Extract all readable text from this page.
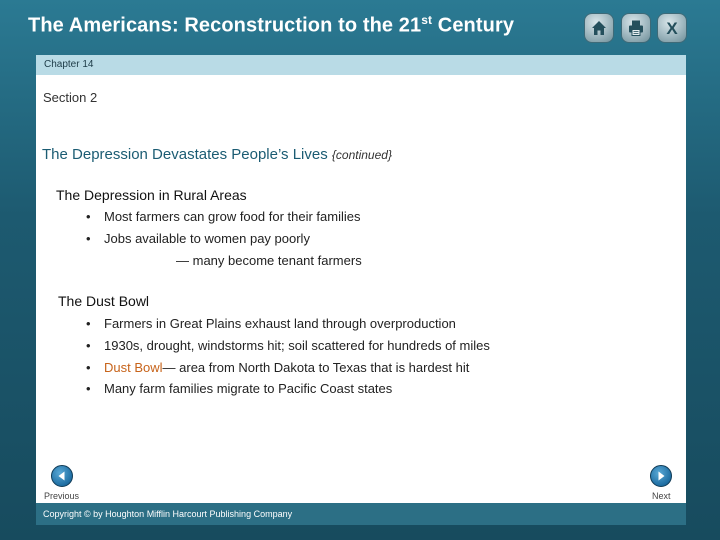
The Americans: Reconstruction to the 21st Century	X
Chapter 14
Section 2
The Depression Devastates People’s Lives {continued}
The Depression in Rural Areas
• Most farmers can grow food for their families
• Jobs available to women pay poorly
— many become tenant farmers
The Dust Bowl
• Farmers in Great Plains exhaust land through overproduction
• 1930s, drought, windstorms hit; soil scattered for hundreds of miles
• Dust Bowl— area from North Dakota to Texas that is hardest hit
• Many farm families migrate to Pacific Coast states
Previous	Next
Copyright © by Houghton Mifflin Harcourt Publishing Company
